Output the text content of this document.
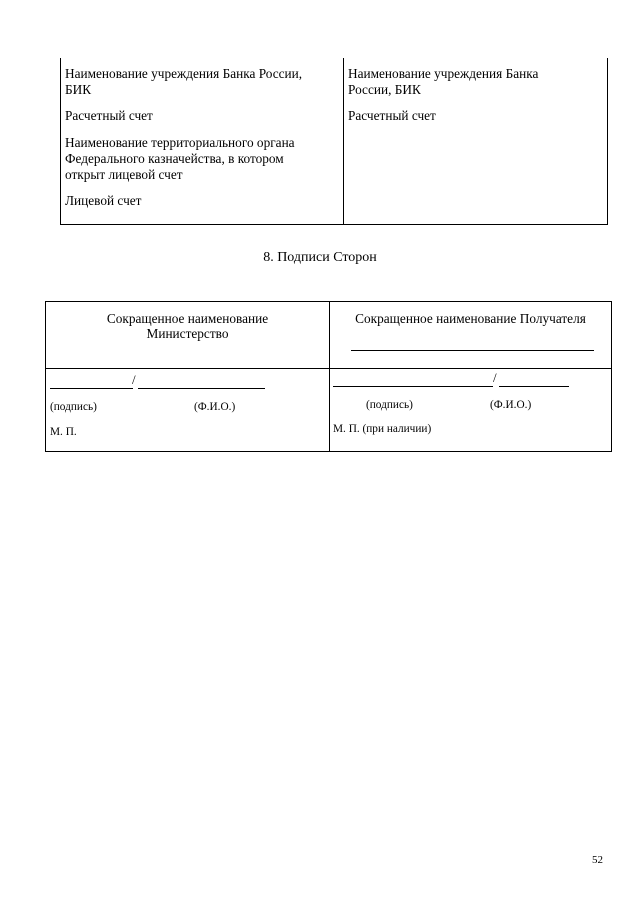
Наименование учреждения Банка России,
БИК
Расчетный счет
Наименование территориального органа
Федерального казначейства, в котором
открыт лицевой счет
Лицевой счет
Наименование учреждения Банка
России, БИК
Расчетный счет
8. Подписи Сторон
Сокращенное наименование
Министерство
Сокращенное наименование Получателя
/
(подпись)	(Ф.И.О.)
М. П.
/
(подпись)	(Ф.И.О.)
М. П. (при наличии)
52
